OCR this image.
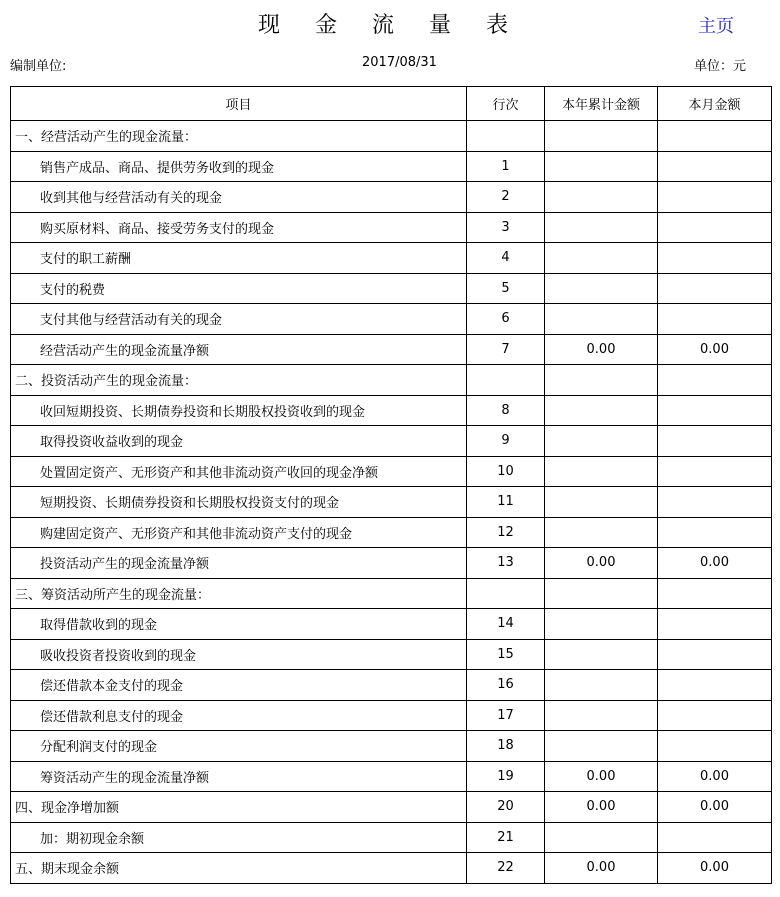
现 金 流 量 表	主页
编制单位:	2017/08/31	单位：元
项目	行次	本年累计金额	本月金额
一、经营活动产生的现金流量：			
销售产成品、商品、提供劳务收到的现金	1		
收到其他与经营活动有关的现金	2		
购买原材料、商品、接受劳务支付的现金	3		
支付的职工薪酬	4		
支付的税费	5		
支付其他与经营活动有关的现金	6		
经营活动产生的现金流量净额	7	0.00	0.00
二、投资活动产生的现金流量：			
收回短期投资、长期债券投资和长期股权投资收到的现金	8		
取得投资收益收到的现金	9		
处置固定资产、无形资产和其他非流动资产收回的现金净额	10		
短期投资、长期债券投资和长期股权投资支付的现金	11		
购建固定资产、无形资产和其他非流动资产支付的现金	12		
投资活动产生的现金流量净额	13	0.00	0.00
三、筹资活动所产生的现金流量：			
取得借款收到的现金	14		
吸收投资者投资收到的现金	15		
偿还借款本金支付的现金	16		
偿还借款利息支付的现金	17		
分配利润支付的现金	18		
筹资活动产生的现金流量净额	19	0.00	0.00
四、现金净增加额	20	0.00	0.00
加：期初现金余额	21		
五、期末现金余额	22	0.00	0.00
